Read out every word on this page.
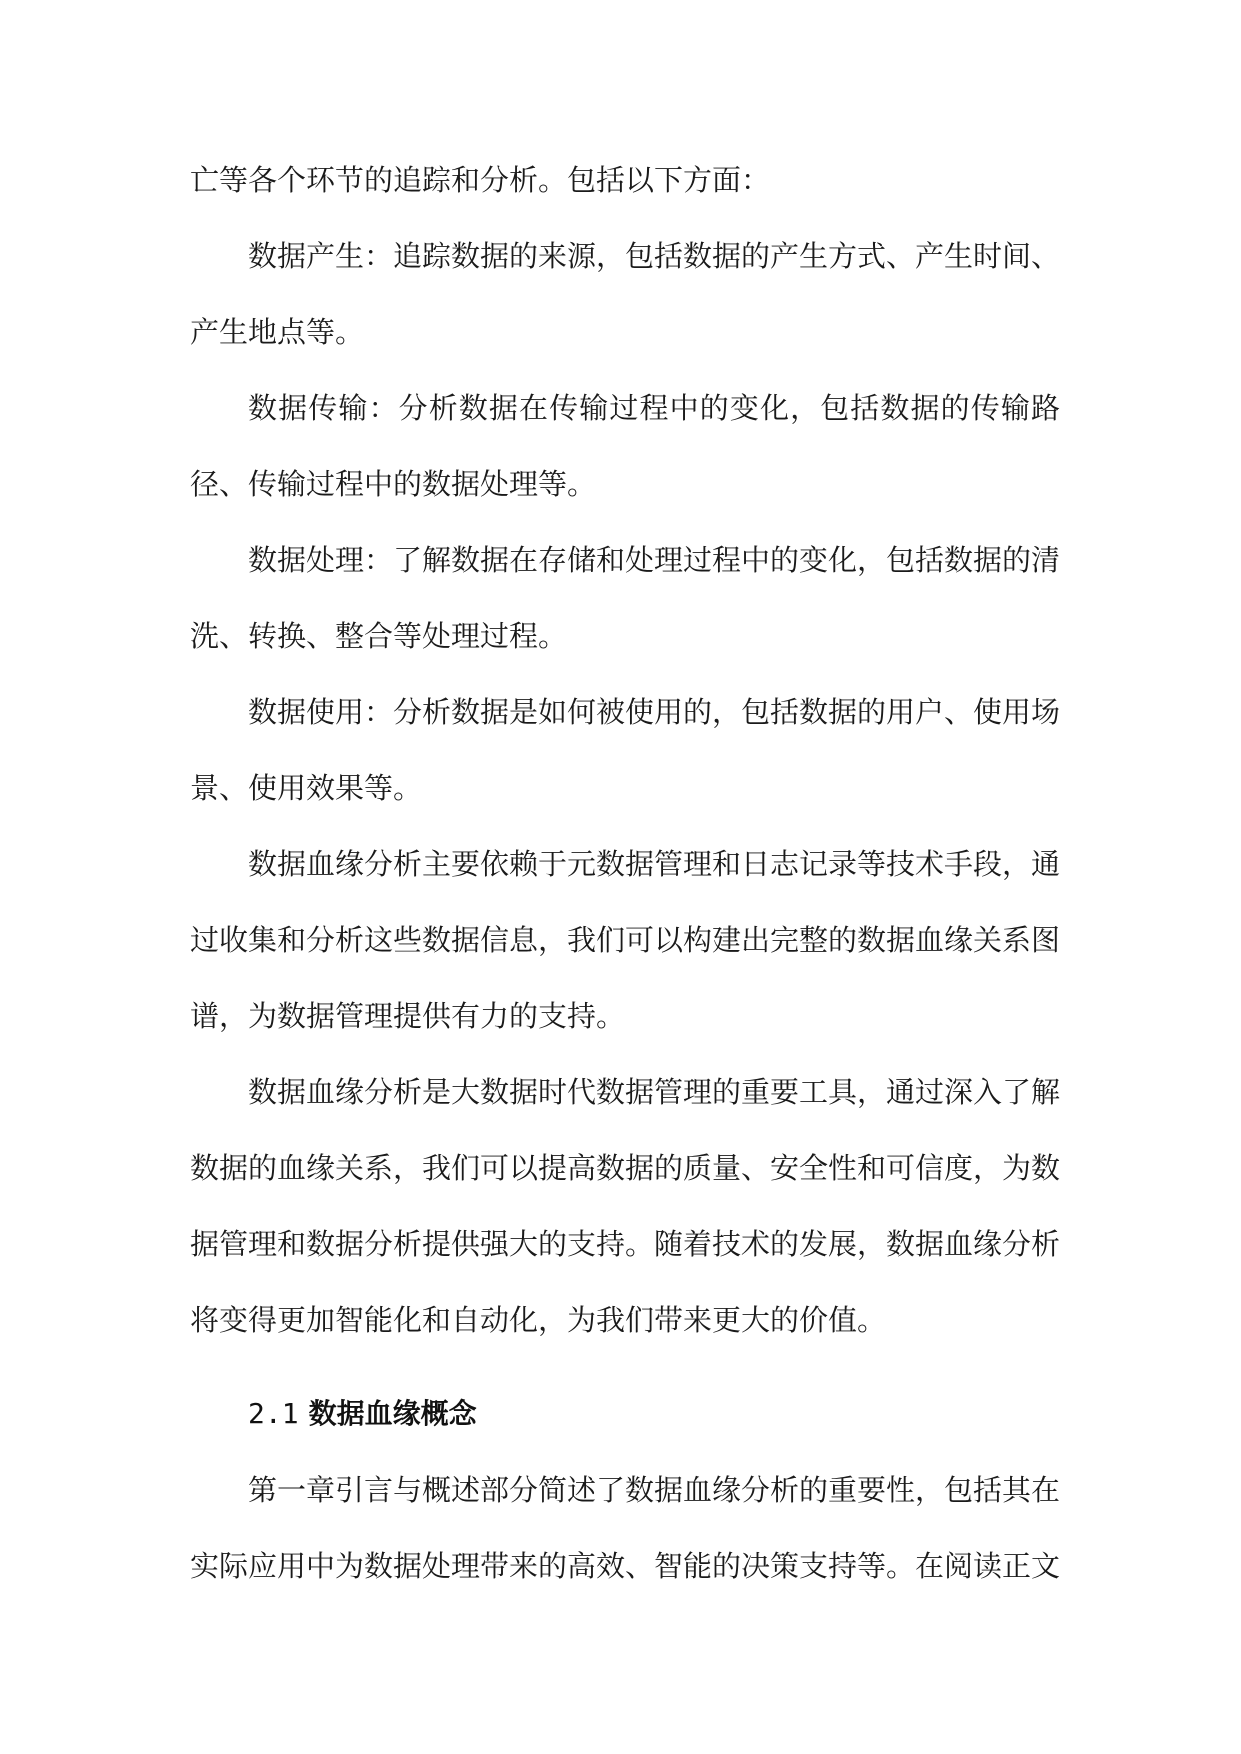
亡等各个环节的追踪和分析。包括以下方面：

数据产生：追踪数据的来源，包括数据的产生方式、产生时间、产生地点等。

数据传输：分析数据在传输过程中的变化，包括数据的传输路径、传输过程中的数据处理等。

数据处理：了解数据在存储和处理过程中的变化，包括数据的清洗、转换、整合等处理过程。

数据使用：分析数据是如何被使用的，包括数据的用户、使用场景、使用效果等。

数据血缘分析主要依赖于元数据管理和日志记录等技术手段，通过收集和分析这些数据信息，我们可以构建出完整的数据血缘关系图谱，为数据管理提供有力的支持。

数据血缘分析是大数据时代数据管理的重要工具，通过深入了解数据的血缘关系，我们可以提高数据的质量、安全性和可信度，为数据管理和数据分析提供强大的支持。随着技术的发展，数据血缘分析将变得更加智能化和自动化，为我们带来更大的价值。

2.1 数据血缘概念

第一章引言与概述部分简述了数据血缘分析的重要性，包括其在实际应用中为数据处理带来的高效、智能的决策支持等。在阅读正文
